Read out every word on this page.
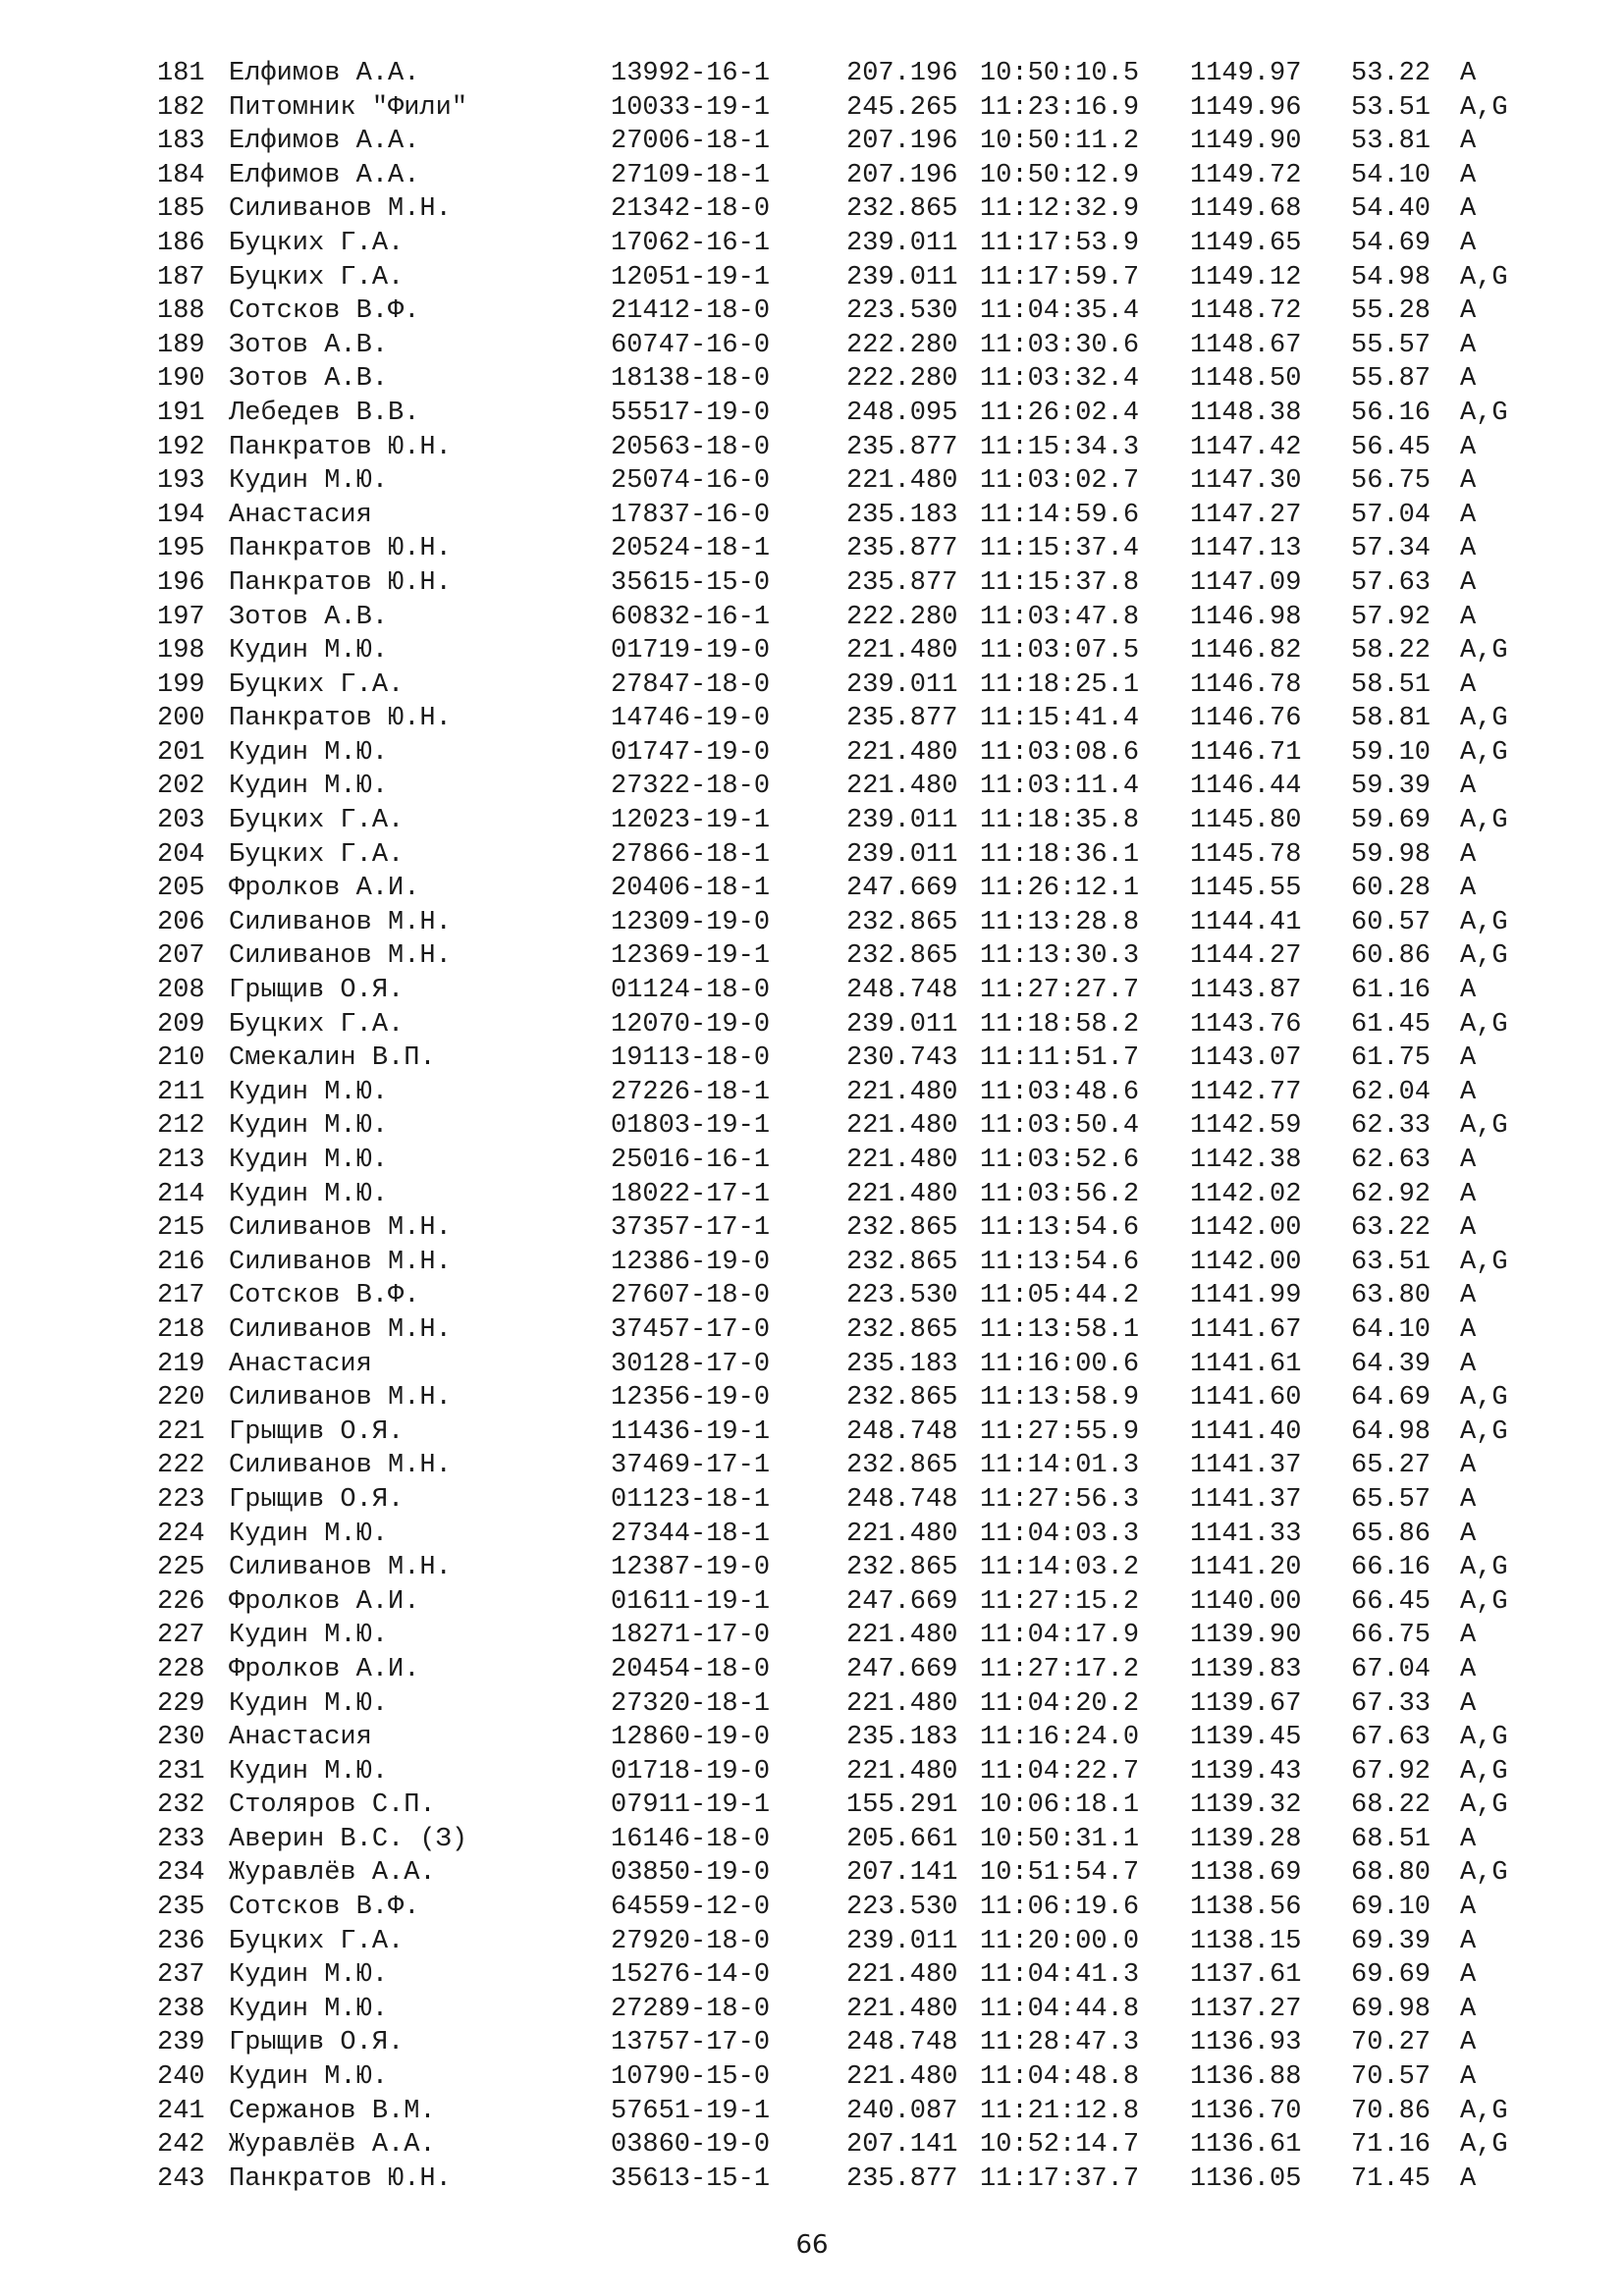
181 Елфимов А.А.	13992-16-1	207.196 10:50:10.5 1149.97 53.22 A
182 Питомник "Фили"	10033-19-1	245.265 11:23:16.9 1149.96 53.51 A,G
183 Елфимов А.А.	27006-18-1	207.196 10:50:11.2 1149.90 53.81 A
184 Елфимов А.А.	27109-18-1	207.196 10:50:12.9 1149.72 54.10 A
185 Силиванов М.Н.	21342-18-0	232.865 11:12:32.9 1149.68 54.40 A
186 Буцких Г.А.	17062-16-1	239.011 11:17:53.9 1149.65 54.69 A
187 Буцких Г.А.	12051-19-1	239.011 11:17:59.7 1149.12 54.98 A,G
188 Сотсков В.Ф.	21412-18-0	223.530 11:04:35.4 1148.72 55.28 A
189 Зотов А.В.	60747-16-0	222.280 11:03:30.6 1148.67 55.57 A
190 Зотов А.В.	18138-18-0	222.280 11:03:32.4 1148.50 55.87 A
191 Лебедев В.В.	55517-19-0	248.095 11:26:02.4 1148.38 56.16 A,G
192 Панкратов Ю.Н.	20563-18-0	235.877 11:15:34.3 1147.42 56.45 A
193 Кудин М.Ю.	25074-16-0	221.480 11:03:02.7 1147.30 56.75 A
194 Анастасия	17837-16-0	235.183 11:14:59.6 1147.27 57.04 A
195 Панкратов Ю.Н.	20524-18-1	235.877 11:15:37.4 1147.13 57.34 A
196 Панкратов Ю.Н.	35615-15-0	235.877 11:15:37.8 1147.09 57.63 A
197 Зотов А.В.	60832-16-1	222.280 11:03:47.8 1146.98 57.92 A
198 Кудин М.Ю.	01719-19-0	221.480 11:03:07.5 1146.82 58.22 A,G
199 Буцких Г.А.	27847-18-0	239.011 11:18:25.1 1146.78 58.51 A
200 Панкратов Ю.Н.	14746-19-0	235.877 11:15:41.4 1146.76 58.81 A,G
201 Кудин М.Ю.	01747-19-0	221.480 11:03:08.6 1146.71 59.10 A,G
202 Кудин М.Ю.	27322-18-0	221.480 11:03:11.4 1146.44 59.39 A
203 Буцких Г.А.	12023-19-1	239.011 11:18:35.8 1145.80 59.69 A,G
204 Буцких Г.А.	27866-18-1	239.011 11:18:36.1 1145.78 59.98 A
205 Фролков А.И.	20406-18-1	247.669 11:26:12.1 1145.55 60.28 A
206 Силиванов М.Н.	12309-19-0	232.865 11:13:28.8 1144.41 60.57 A,G
207 Силиванов М.Н.	12369-19-1	232.865 11:13:30.3 1144.27 60.86 A,G
208 Грыщив О.Я.	01124-18-0	248.748 11:27:27.7 1143.87 61.16 A
209 Буцких Г.А.	12070-19-0	239.011 11:18:58.2 1143.76 61.45 A,G
210 Смекалин В.П.	19113-18-0	230.743 11:11:51.7 1143.07 61.75 A
211 Кудин М.Ю.	27226-18-1	221.480 11:03:48.6 1142.77 62.04 A
212 Кудин М.Ю.	01803-19-1	221.480 11:03:50.4 1142.59 62.33 A,G
213 Кудин М.Ю.	25016-16-1	221.480 11:03:52.6 1142.38 62.63 A
214 Кудин М.Ю.	18022-17-1	221.480 11:03:56.2 1142.02 62.92 A
215 Силиванов М.Н.	37357-17-1	232.865 11:13:54.6 1142.00 63.22 A
216 Силиванов М.Н.	12386-19-0	232.865 11:13:54.6 1142.00 63.51 A,G
217 Сотсков В.Ф.	27607-18-0	223.530 11:05:44.2 1141.99 63.80 A
218 Силиванов М.Н.	37457-17-0	232.865 11:13:58.1 1141.67 64.10 A
219 Анастасия	30128-17-0	235.183 11:16:00.6 1141.61 64.39 A
220 Силиванов М.Н.	12356-19-0	232.865 11:13:58.9 1141.60 64.69 A,G
221 Грыщив О.Я.	11436-19-1	248.748 11:27:55.9 1141.40 64.98 A,G
222 Силиванов М.Н.	37469-17-1	232.865 11:14:01.3 1141.37 65.27 A
223 Грыщив О.Я.	01123-18-1	248.748 11:27:56.3 1141.37 65.57 A
224 Кудин М.Ю.	27344-18-1	221.480 11:04:03.3 1141.33 65.86 A
225 Силиванов М.Н.	12387-19-0	232.865 11:14:03.2 1141.20 66.16 A,G
226 Фролков А.И.	01611-19-1	247.669 11:27:15.2 1140.00 66.45 A,G
227 Кудин М.Ю.	18271-17-0	221.480 11:04:17.9 1139.90 66.75 A
228 Фролков А.И.	20454-18-0	247.669 11:27:17.2 1139.83 67.04 A
229 Кудин М.Ю.	27320-18-1	221.480 11:04:20.2 1139.67 67.33 A
230 Анастасия	12860-19-0	235.183 11:16:24.0 1139.45 67.63 A,G
231 Кудин М.Ю.	01718-19-0	221.480 11:04:22.7 1139.43 67.92 A,G
232 Столяров С.П.	07911-19-1	155.291 10:06:18.1 1139.32 68.22 A,G
233 Аверин В.С. (З)	16146-18-0	205.661 10:50:31.1 1139.28 68.51 A
234 Журавлёв А.А.	03850-19-0	207.141 10:51:54.7 1138.69 68.80 A,G
235 Сотсков В.Ф.	64559-12-0	223.530 11:06:19.6 1138.56 69.10 A
236 Буцких Г.А.	27920-18-0	239.011 11:20:00.0 1138.15 69.39 A
237 Кудин М.Ю.	15276-14-0	221.480 11:04:41.3 1137.61 69.69 A
238 Кудин М.Ю.	27289-18-0	221.480 11:04:44.8 1137.27 69.98 A
239 Грыщив О.Я.	13757-17-0	248.748 11:28:47.3 1136.93 70.27 A
240 Кудин М.Ю.	10790-15-0	221.480 11:04:48.8 1136.88 70.57 A
241 Сержанов В.М.	57651-19-1	240.087 11:21:12.8 1136.70 70.86 A,G
242 Журавлёв А.А.	03860-19-0	207.141 10:52:14.7 1136.61 71.16 A,G
243 Панкратов Ю.Н.	35613-15-1	235.877 11:17:37.7 1136.05 71.45 A
66
